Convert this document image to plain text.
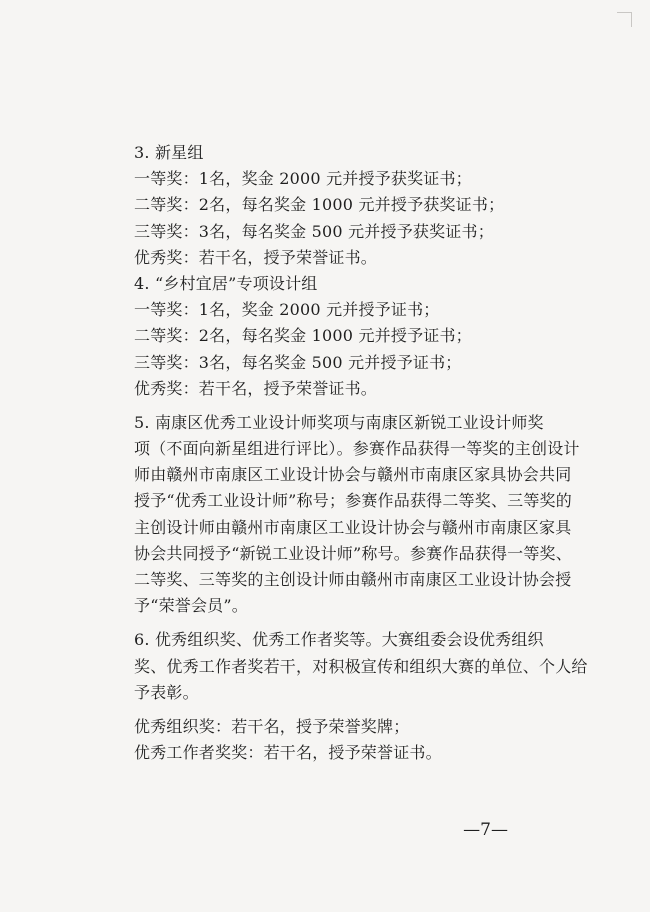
3. 新星组
一等奖：1名，奖金 2000 元并授予获奖证书；
二等奖：2名，每名奖金 1000 元并授予获奖证书；
三等奖：3名，每名奖金 500 元并授予获奖证书；
优秀奖：若干名，授予荣誉证书。
4. “乡村宜居”专项设计组
一等奖：1名，奖金 2000 元并授予证书；
二等奖：2名，每名奖金 1000 元并授予证书；
三等奖：3名，每名奖金 500 元并授予证书；
优秀奖：若干名，授予荣誉证书。
5. 南康区优秀工业设计师奖项与南康区新锐工业设计师奖
项（不面向新星组进行评比）。参赛作品获得一等奖的主创设计
师由赣州市南康区工业设计协会与赣州市南康区家具协会共同
授予“优秀工业设计师”称号；参赛作品获得二等奖、三等奖的
主创设计师由赣州市南康区工业设计协会与赣州市南康区家具
协会共同授予“新锐工业设计师”称号。参赛作品获得一等奖、
二等奖、三等奖的主创设计师由赣州市南康区工业设计协会授
予“荣誉会员”。
6. 优秀组织奖、优秀工作者奖等。大赛组委会设优秀组织
奖、优秀工作者奖若干，对积极宣传和组织大赛的单位、个人给
予表彰。
优秀组织奖：若干名，授予荣誉奖牌；
优秀工作者奖奖：若干名，授予荣誉证书。
—7—
